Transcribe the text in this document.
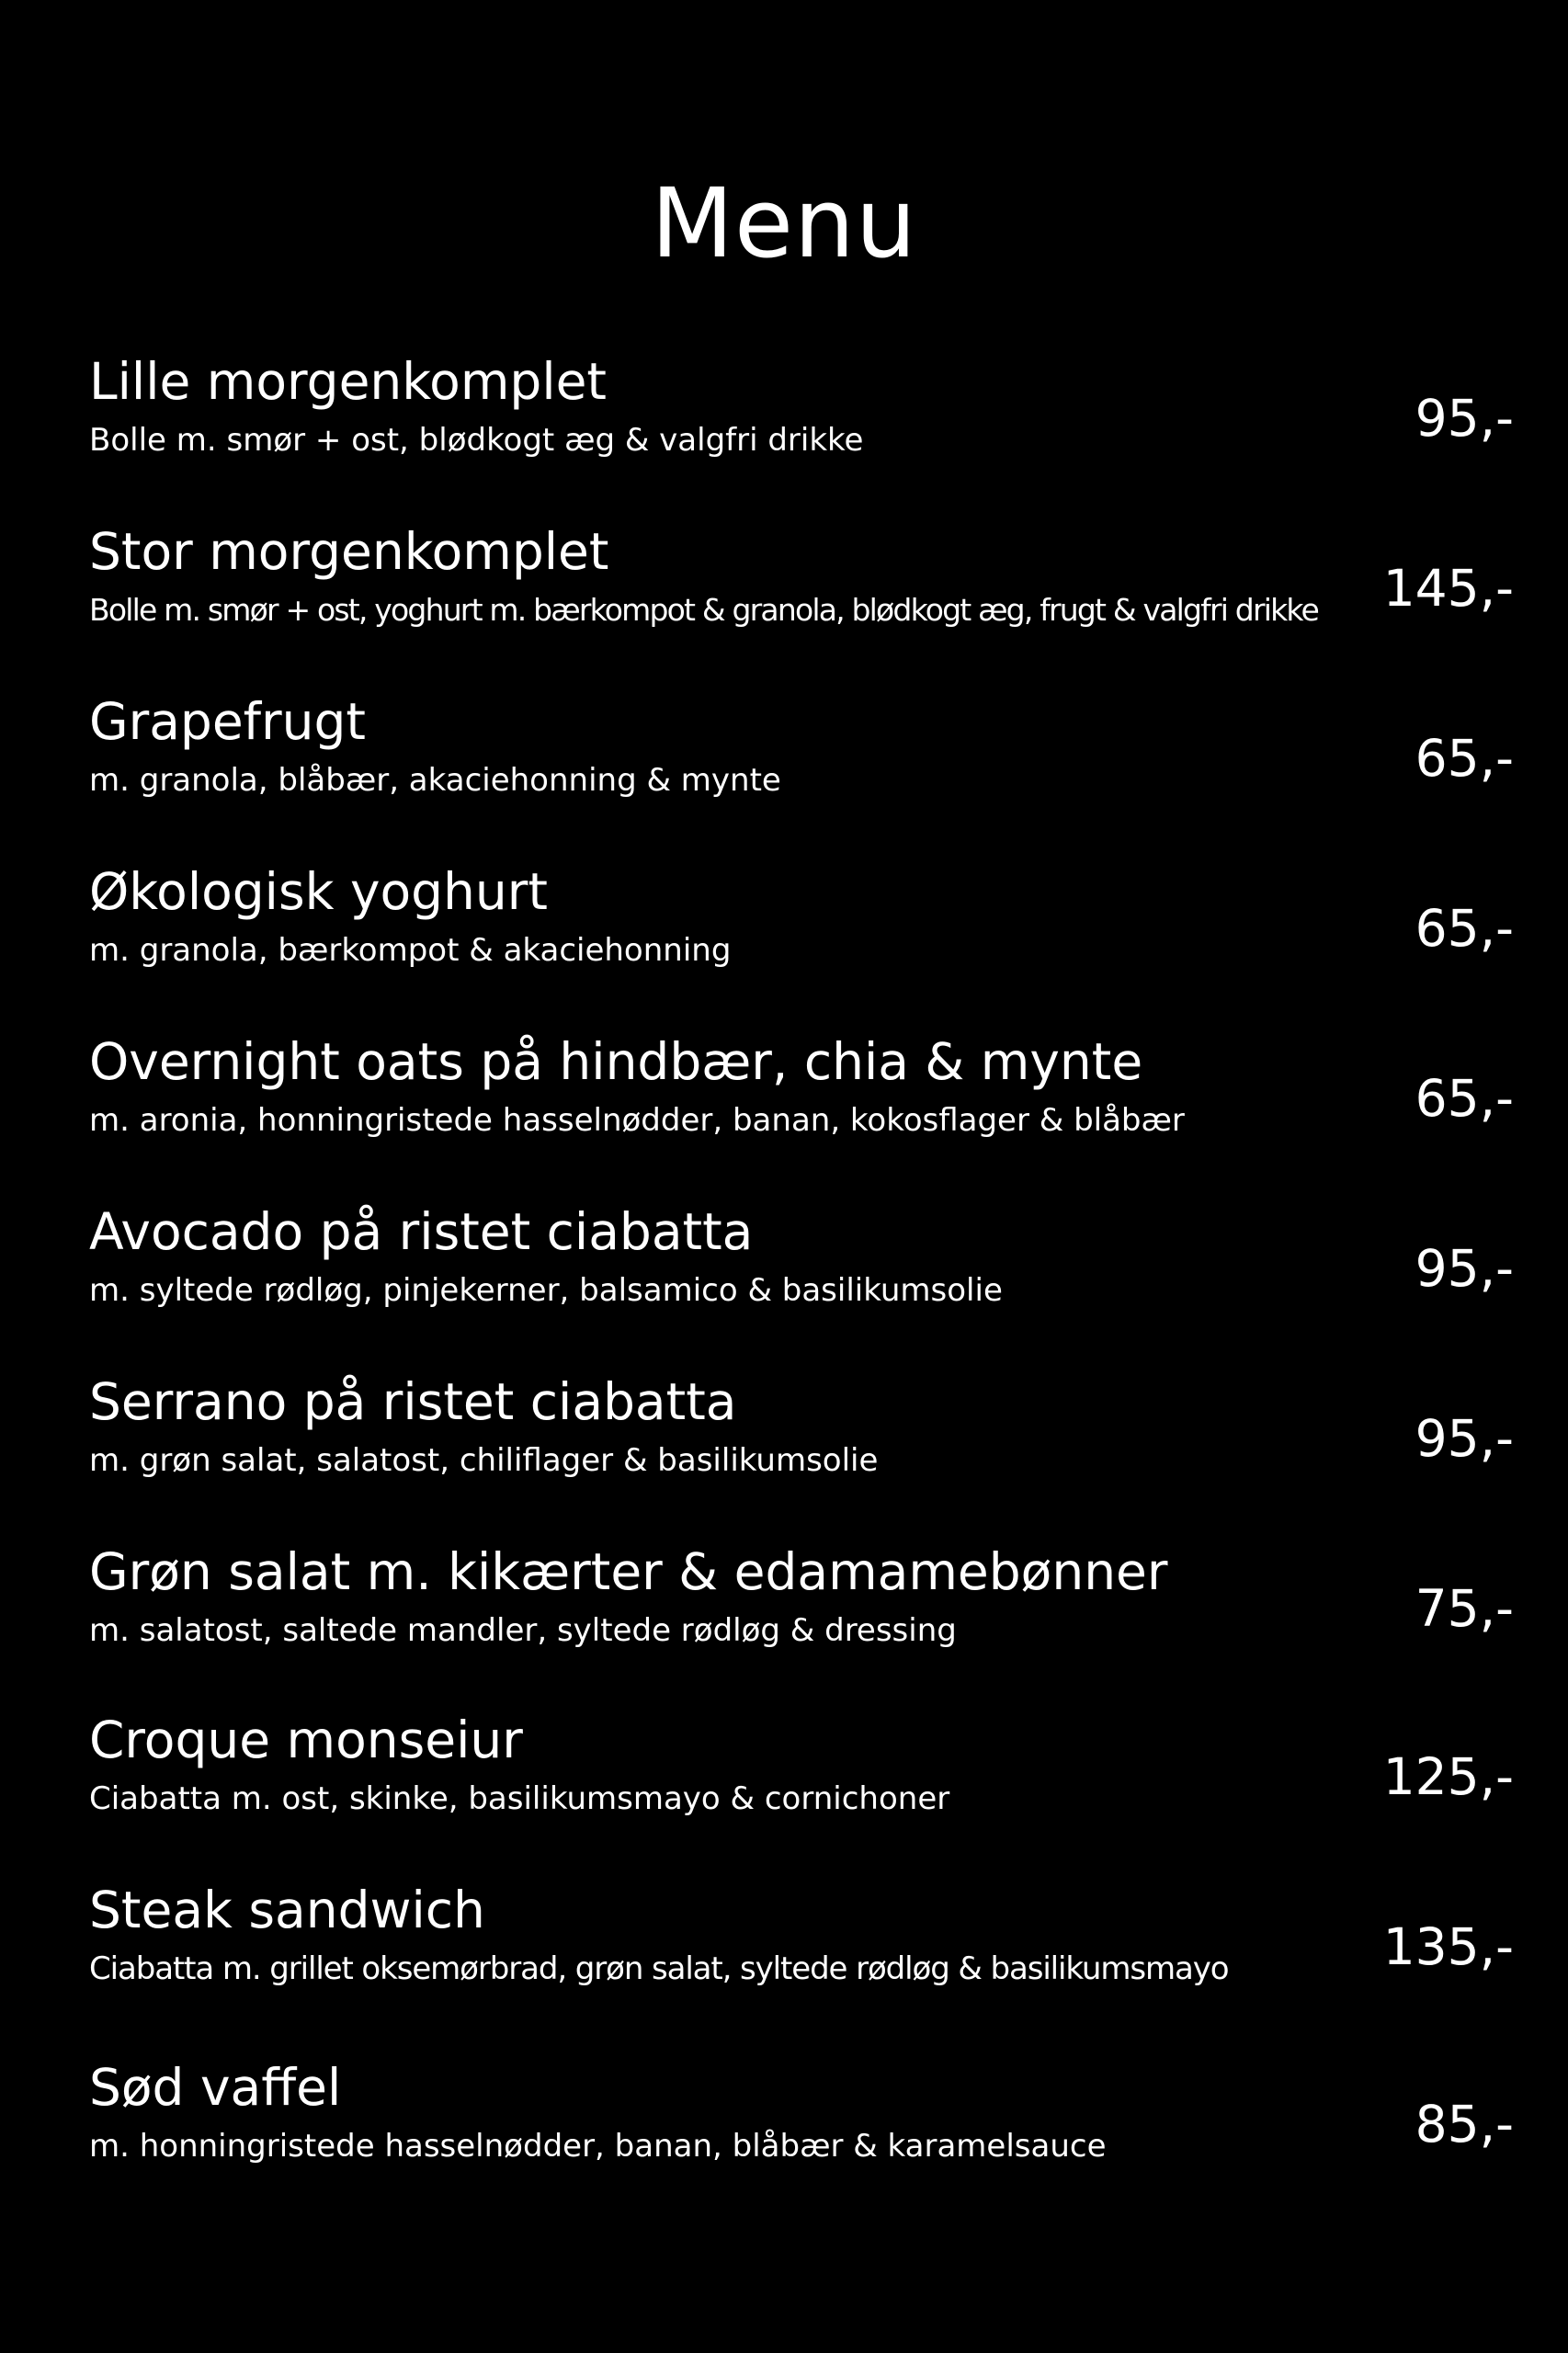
Menu
Lille morgenkomplet
Bolle m. smør + ost, blødkogt æg & valgfri drikke	95,-
Stor morgenkomplet
Bolle m. smør + ost, yoghurt m. bærkompot & granola, blødkogt æg, frugt & valgfri drikke 145,-
Grapefrugt
m. granola, blåbær, akaciehonning & mynte	65,-
Økologisk yoghurt
m. granola, bærkompot & akaciehonning	65,-
Overnight oats på hindbær, chia & mynte
m. aronia, honningristede hasselnødder, banan, kokosflager & blåbær	65,-
Avocado på ristet ciabatta
m. syltede rødløg, pinjekerner, balsamico & basilikumsolie	95,-
Serrano på ristet ciabatta
m. grøn salat, salatost, chiliflager & basilikumsolie	95,-
Grøn salat m. kikærter & edamamebønner
m. salatost, saltede mandler, syltede rødløg & dressing	75,-
Croque monseiur
Ciabatta m. ost, skinke, basilikumsmayo & cornichoner	125,-
Steak sandwich
Ciabatta m. grillet oksemørbrad, grøn salat, syltede rødløg & basilikumsmayo	135,-
Sød vaffel
m. honningristede hasselnødder, banan, blåbær & karamelsauce	85,-
